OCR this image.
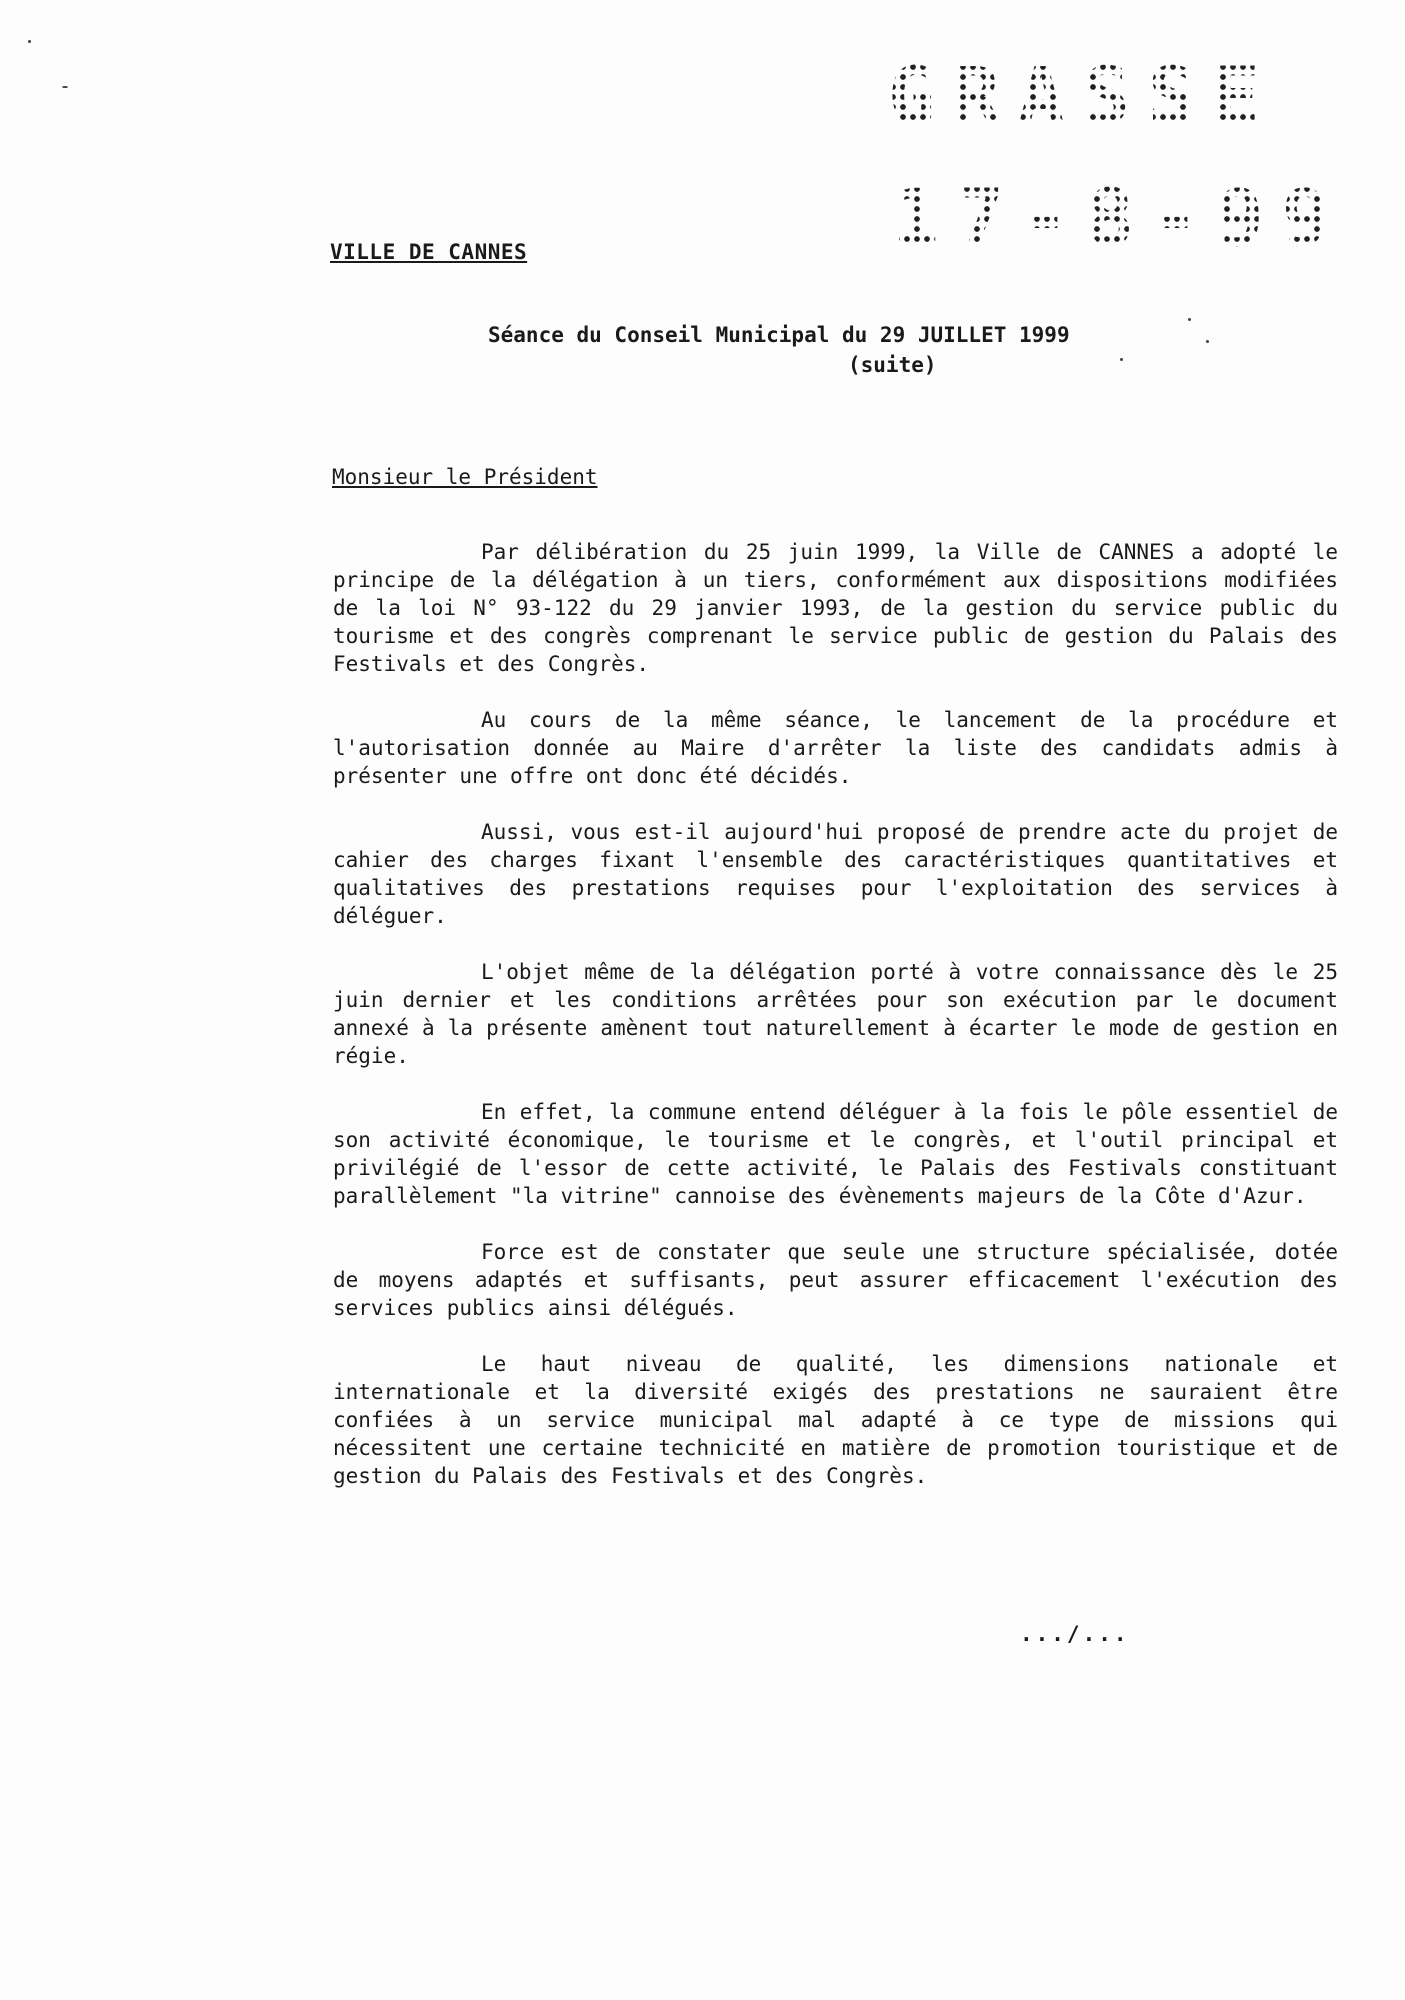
GRASSE
17-8-99
VILLE DE CANNES
Séance du Conseil Municipal du 29 JUILLET 1999
(suite)
Monsieur le Président

Par délibération du 25 juin 1999, la Ville de CANNES a adopté le principe de la délégation à un tiers, conformément aux dispositions modifiées de la loi N° 93-122 du 29 janvier 1993, de la gestion du service public du tourisme et des congrès comprenant le service public de gestion du Palais des Festivals et des Congrès.

Au cours de la même séance, le lancement de la procédure et l'autorisation donnée au Maire d'arrêter la liste des candidats admis à présenter une offre ont donc été décidés.

Aussi, vous est-il aujourd'hui proposé de prendre acte du projet de cahier des charges fixant l'ensemble des caractéristiques quantitatives et qualitatives des prestations requises pour l'exploitation des services à déléguer.

L'objet même de la délégation porté à votre connaissance dès le 25 juin dernier et les conditions arrêtées pour son exécution par le document annexé à la présente amènent tout naturellement à écarter le mode de gestion en régie.

En effet, la commune entend déléguer à la fois le pôle essentiel de son activité économique, le tourisme et le congrès, et l'outil principal et privilégié de l'essor de cette activité, le Palais des Festivals constituant parallèlement "la vitrine" cannoise des évènements majeurs de la Côte d'Azur.

Force est de constater que seule une structure spécialisée, dotée de moyens adaptés et suffisants, peut assurer efficacement l'exécution des services publics ainsi délégués.

Le haut niveau de qualité, les dimensions nationale et internationale et la diversité exigés des prestations ne sauraient être confiées à un service municipal mal adapté à ce type de missions qui nécessitent une certaine technicité en matière de promotion touristique et de gestion du Palais des Festivals et des Congrès.

.../...
